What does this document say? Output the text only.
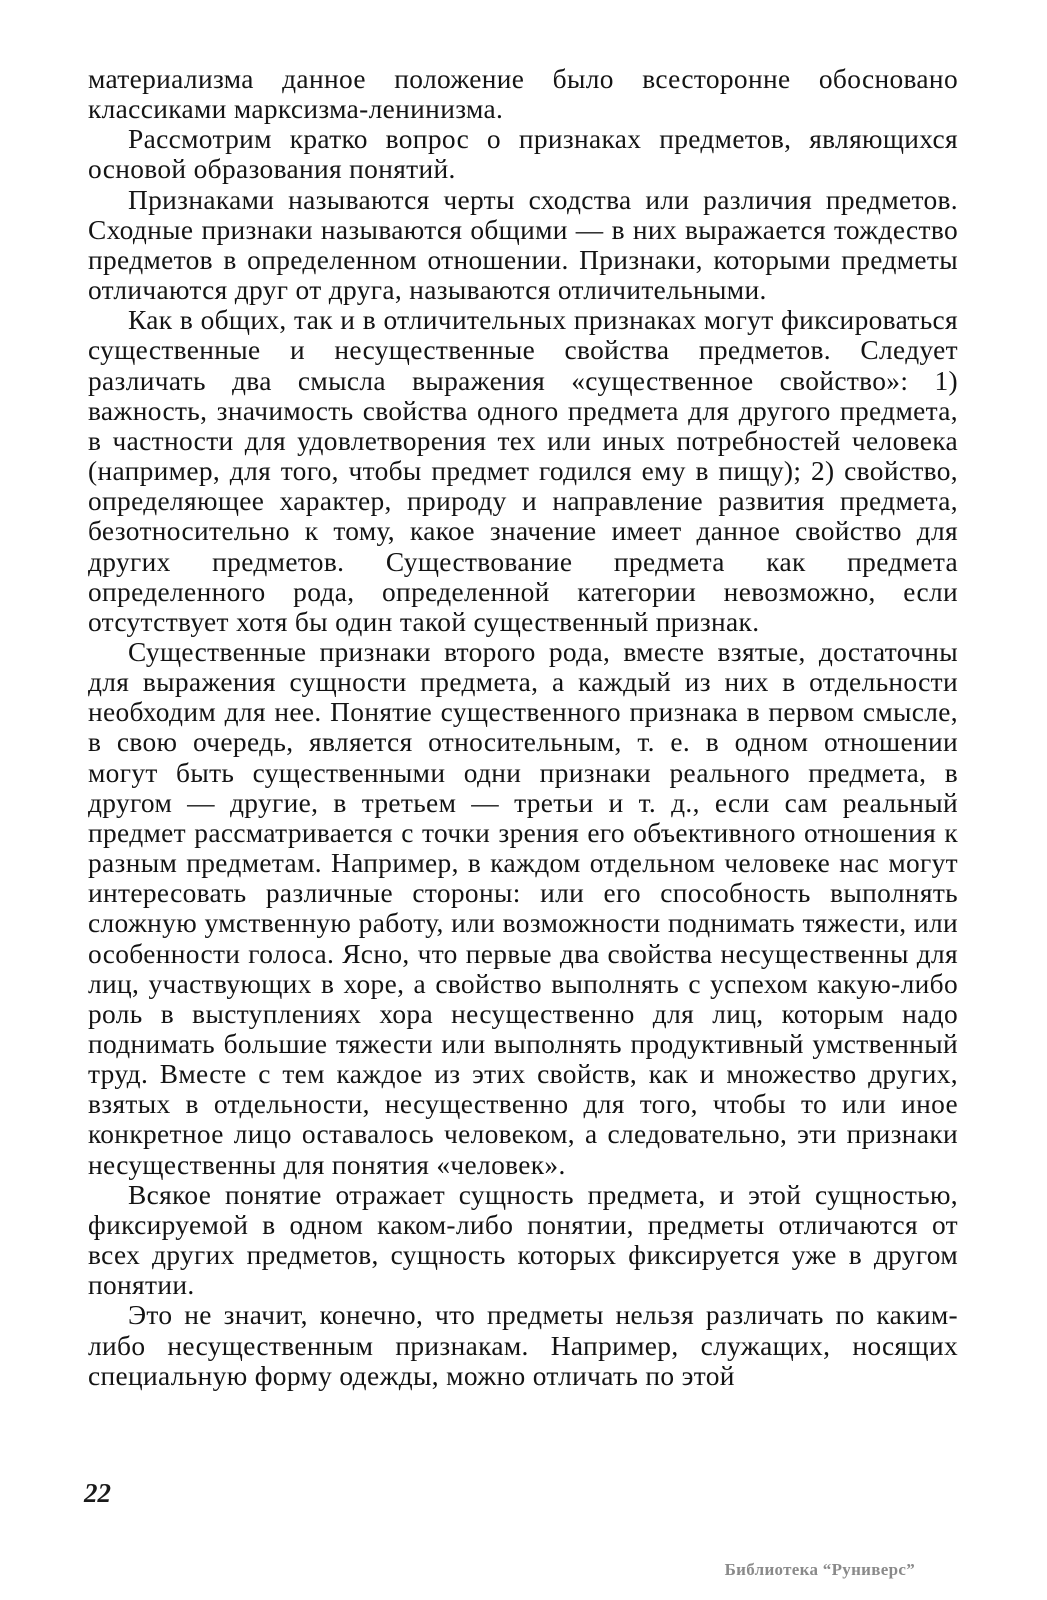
материализма данное положение было всесторонне обосновано классиками марксизма-ленинизма.

Рассмотрим кратко вопрос о признаках предметов, являющихся основой образования понятий.

Признаками называются черты сходства или различия предметов. Сходные признаки называются общими — в них выражается тождество предметов в определенном отношении. Признаки, которыми предметы отличаются друг от друга, называются отличительными.

Как в общих, так и в отличительных признаках могут фиксироваться существенные и несущественные свойства предметов. Следует различать два смысла выражения «существенное свойство»: 1) важность, значимость свойства одного предмета для другого предмета, в частности для удовлетворения тех или иных потребностей человека (например, для того, чтобы предмет годился ему в пищу); 2) свойство, определяющее характер, природу и направление развития предмета, безотносительно к тому, какое значение имеет данное свойство для других предметов. Существование предмета как предмета определенного рода, определенной категории невозможно, если отсутствует хотя бы один такой существенный признак.

Существенные признаки второго рода, вместе взятые, достаточны для выражения сущности предмета, а каждый из них в отдельности необходим для нее. Понятие существенного признака в первом смысле, в свою очередь, является относительным, т. е. в одном отношении могут быть существенными одни признаки реального предмета, в другом — другие, в третьем — третьи и т. д., если сам реальный предмет рассматривается с точки зрения его объективного отношения к разным предметам. Например, в каждом отдельном человеке нас могут интересовать различные стороны: или его способность выполнять сложную умственную работу, или возможности поднимать тяжести, или особенности голоса. Ясно, что первые два свойства несущественны для лиц, участвующих в хоре, а свойство выполнять с успехом какую-либо роль в выступлениях хора несущественно для лиц, которым надо поднимать большие тяжести или выполнять продуктивный умственный труд. Вместе с тем каждое из этих свойств, как и множество других, взятых в отдельности, несущественно для того, чтобы то или иное конкретное лицо оставалось человеком, а следовательно, эти признаки несущественны для понятия «человек».

Всякое понятие отражает сущность предмета, и этой сущностью, фиксируемой в одном каком-либо понятии, предметы отличаются от всех других предметов, сущность которых фиксируется уже в другом понятии.

Это не значит, конечно, что предметы нельзя различать по каким-либо несущественным признакам. Например, служащих, носящих специальную форму одежды, можно отличать по этой

22
Библиотека “Руниверс”
